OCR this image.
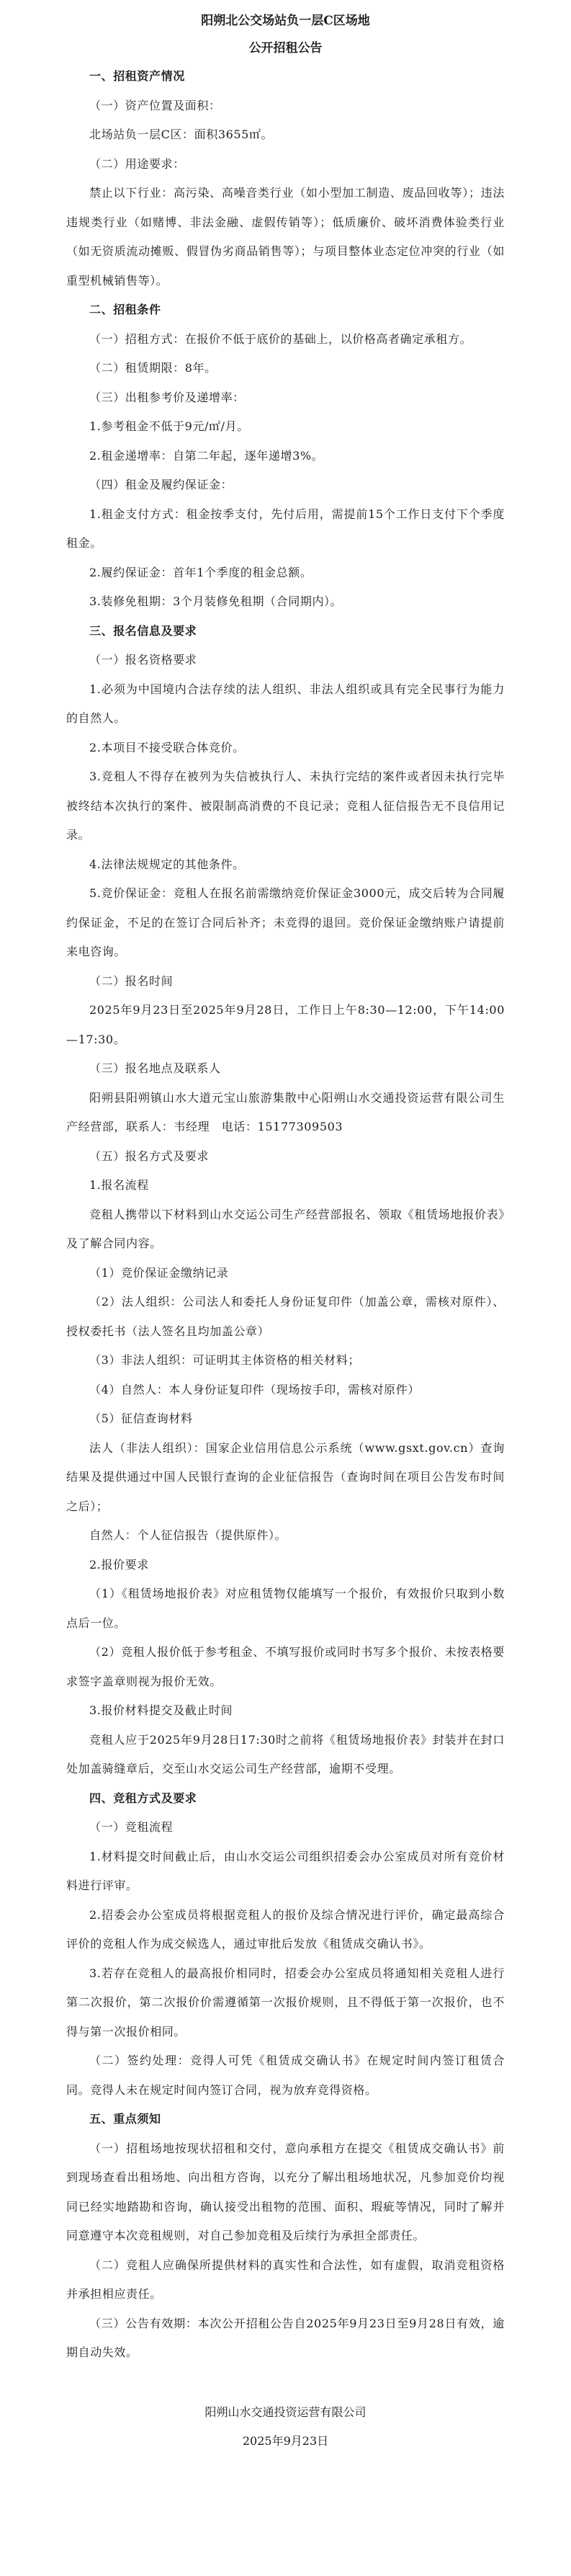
阳朔北公交场站负一层C区场地

公开招租公告

一、招租资产情况

（一）资产位置及面积：

北场站负一层C区：面积3655㎡。

（二）用途要求：

禁止以下行业：高污染、高噪音类行业（如小型加工制造、废品回收等）；违法违规类行业（如赌博、非法金融、虚假传销等）；低质廉价、破坏消费体验类行业（如无资质流动摊贩、假冒伪劣商品销售等）；与项目整体业态定位冲突的行业（如重型机械销售等）。

二、招租条件

（一）招租方式：在报价不低于底价的基础上，以价格高者确定承租方。

（二）租赁期限：8年。

（三）出租参考价及递增率：

1.参考租金不低于9元/㎡/月。

2.租金递增率：自第二年起，逐年递增3%。

（四）租金及履约保证金：

1.租金支付方式：租金按季支付，先付后用，需提前15个工作日支付下个季度租金。

2.履约保证金：首年1个季度的租金总额。

3.装修免租期：3个月装修免租期（合同期内）。

三、报名信息及要求

（一）报名资格要求

1.必须为中国境内合法存续的法人组织、非法人组织或具有完全民事行为能力的自然人。

2.本项目不接受联合体竞价。

3.竞租人不得存在被列为失信被执行人、未执行完结的案件或者因未执行完毕被终结本次执行的案件、被限制高消费的不良记录；竞租人征信报告无不良信用记录。

4.法律法规规定的其他条件。

5.竞价保证金：竞租人在报名前需缴纳竞价保证金3000元，成交后转为合同履约保证金，不足的在签订合同后补齐；未竞得的退回。竞价保证金缴纳账户请提前来电咨询。

（二）报名时间

2025年9月23日至2025年9月28日，工作日上午8:30—12:00，下午14:00—17:30。

（三）报名地点及联系人

阳朔县阳朔镇山水大道元宝山旅游集散中心阳朔山水交通投资运营有限公司生产经营部，联系人：韦经理　电话：15177309503

（五）报名方式及要求

1.报名流程

竞租人携带以下材料到山水交运公司生产经营部报名、领取《租赁场地报价表》及了解合同内容。

（1）竞价保证金缴纳记录

（2）法人组织：公司法人和委托人身份证复印件（加盖公章，需核对原件）、授权委托书（法人签名且均加盖公章）

（3）非法人组织：可证明其主体资格的相关材料；

（4）自然人：本人身份证复印件（现场按手印，需核对原件）

（5）征信查询材料

法人（非法人组织）：国家企业信用信息公示系统（www.gsxt.gov.cn）查询结果及提供通过中国人民银行查询的企业征信报告（查询时间在项目公告发布时间之后）；

自然人：个人征信报告（提供原件）。

2.报价要求

（1）《租赁场地报价表》对应租赁物仅能填写一个报价，有效报价只取到小数点后一位。

（2）竞租人报价低于参考租金、不填写报价或同时书写多个报价、未按表格要求签字盖章则视为报价无效。

3.报价材料提交及截止时间

竞租人应于2025年9月28日17:30时之前将《租赁场地报价表》封装并在封口处加盖骑缝章后，交至山水交运公司生产经营部，逾期不受理。

四、竞租方式及要求

（一）竞租流程

1.材料提交时间截止后，由山水交运公司组织招委会办公室成员对所有竞价材料进行评审。

2.招委会办公室成员将根据竞租人的报价及综合情况进行评价，确定最高综合评价的竞租人作为成交候选人，通过审批后发放《租赁成交确认书》。

3.若存在竞租人的最高报价相同时，招委会办公室成员将通知相关竞租人进行第二次报价，第二次报价价需遵循第一次报价规则，且不得低于第一次报价，也不得与第一次报价相同。

（二）签约处理：竞得人可凭《租赁成交确认书》在规定时间内签订租赁合同。竞得人未在规定时间内签订合同，视为放弃竞得资格。

五、重点须知

（一）招租场地按现状招租和交付，意向承租方在提交《租赁成交确认书》前到现场查看出租场地、向出租方咨询，以充分了解出租场地状况，凡参加竞价均视同已经实地踏勘和咨询，确认接受出租物的范围、面积、瑕疵等情况，同时了解并同意遵守本次竞租规则，对自己参加竞租及后续行为承担全部责任。

（二）竞租人应确保所提供材料的真实性和合法性，如有虚假，取消竞租资格并承担相应责任。

（三）公告有效期：本次公开招租公告自2025年9月23日至9月28日有效，逾期自动失效。

阳朔山水交通投资运营有限公司

2025年9月23日
